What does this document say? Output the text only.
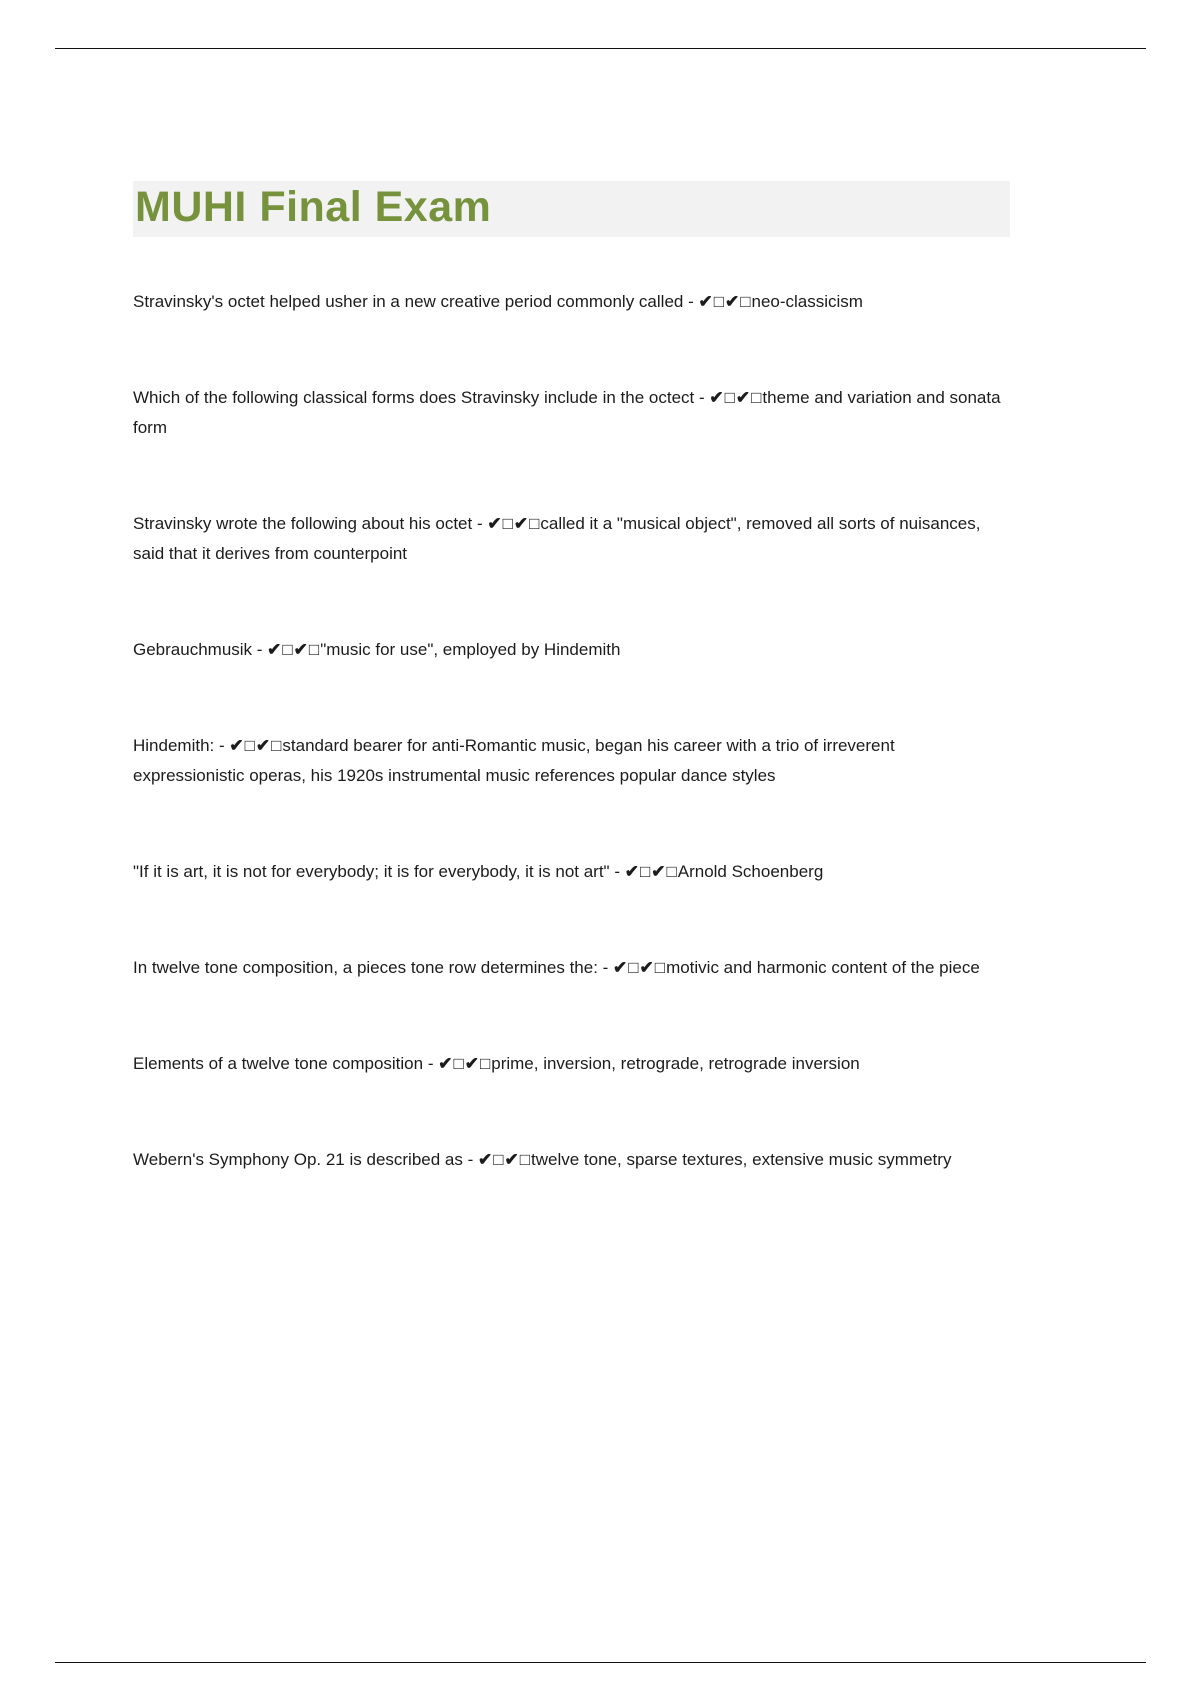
MUHI Final Exam

Stravinsky's octet helped usher in a new creative period commonly called - ✔□✔□neo-classicism

Which of the following classical forms does Stravinsky include in the octect - ✔□✔□theme and variation and sonata form

Stravinsky wrote the following about his octet - ✔□✔□called it a "musical object", removed all sorts of nuisances, said that it derives from counterpoint

Gebrauchmusik - ✔□✔□"music for use", employed by Hindemith

Hindemith: - ✔□✔□standard bearer for anti-Romantic music, began his career with a trio of irreverent expressionistic operas, his 1920s instrumental music references popular dance styles

"If it is art, it is not for everybody; it is for everybody, it is not art" - ✔□✔□Arnold Schoenberg

In twelve tone composition, a pieces tone row determines the: - ✔□✔□motivic and harmonic content of the piece

Elements of a twelve tone composition - ✔□✔□prime, inversion, retrograde, retrograde inversion

Webern's Symphony Op. 21 is described as - ✔□✔□twelve tone, sparse textures, extensive music symmetry
